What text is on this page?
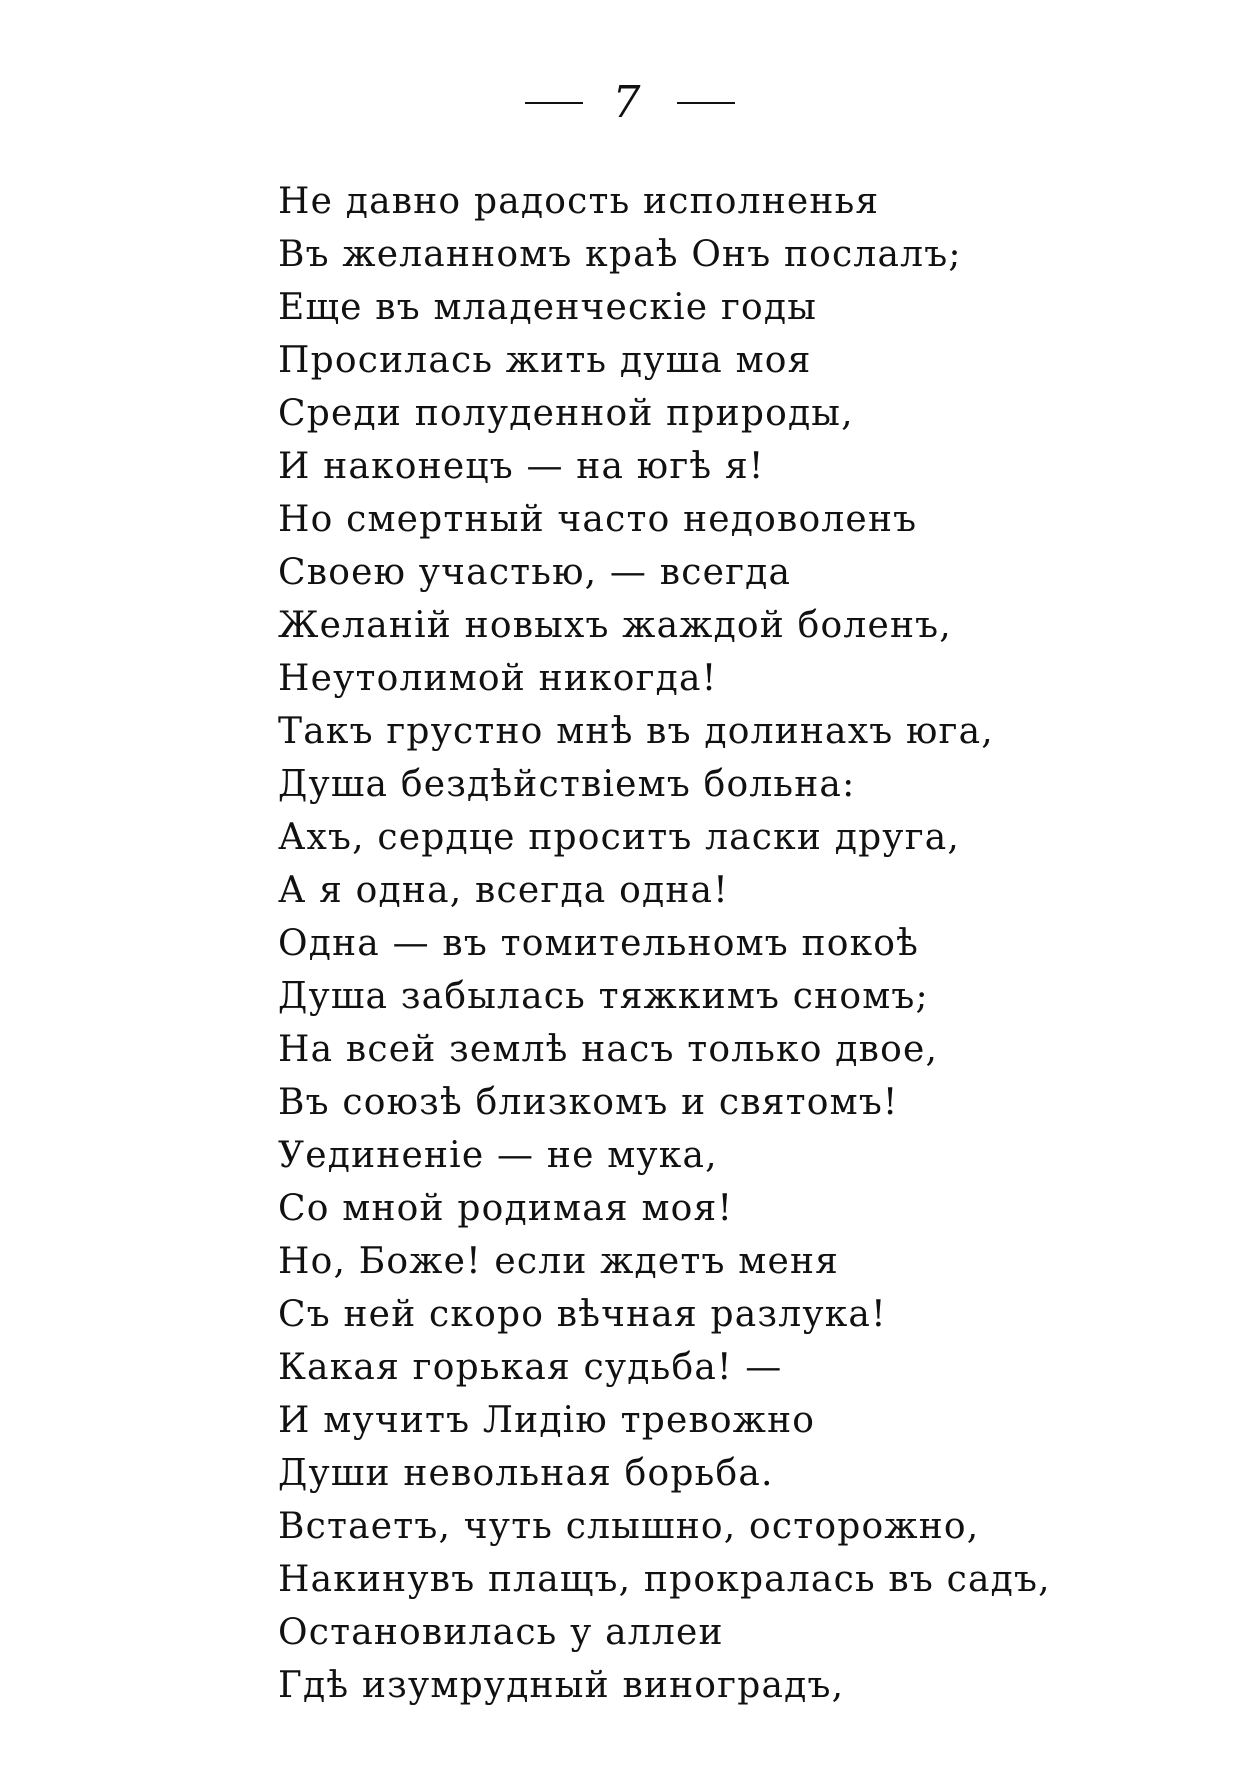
7
Не давно радость исполненья
Въ желанномъ краѣ Онъ послалъ;
Еще въ младенческіе годы
Просилась жить душа моя
Среди полуденной природы,
И наконецъ — на югѣ я!
Но смертный часто недоволенъ
Своею участью, — всегда
Желаній новыхъ жаждой боленъ,
Неутолимой никогда!
Такъ грустно мнѣ въ долинахъ юга,
Душа бездѣйствіемъ больна:
Ахъ, сердце проситъ ласки друга,
А я одна, всегда одна!
Одна — въ томительномъ покоѣ
Душа забылась тяжкимъ сномъ;
На всей землѣ насъ только двое,
Въ союзѣ близкомъ и святомъ!
Уединеніе — не мука,
Со мной родимая моя!
Но, Боже! если ждетъ меня
Съ ней скоро вѣчная разлука!
Какая горькая судьба! —
И мучитъ Лидію тревожно
Души невольная борьба.
Встаетъ, чуть слышно, осторожно,
Накинувъ плащъ, прокралась въ садъ,
Остановилась у аллеи
Гдѣ изумрудный виноградъ,
